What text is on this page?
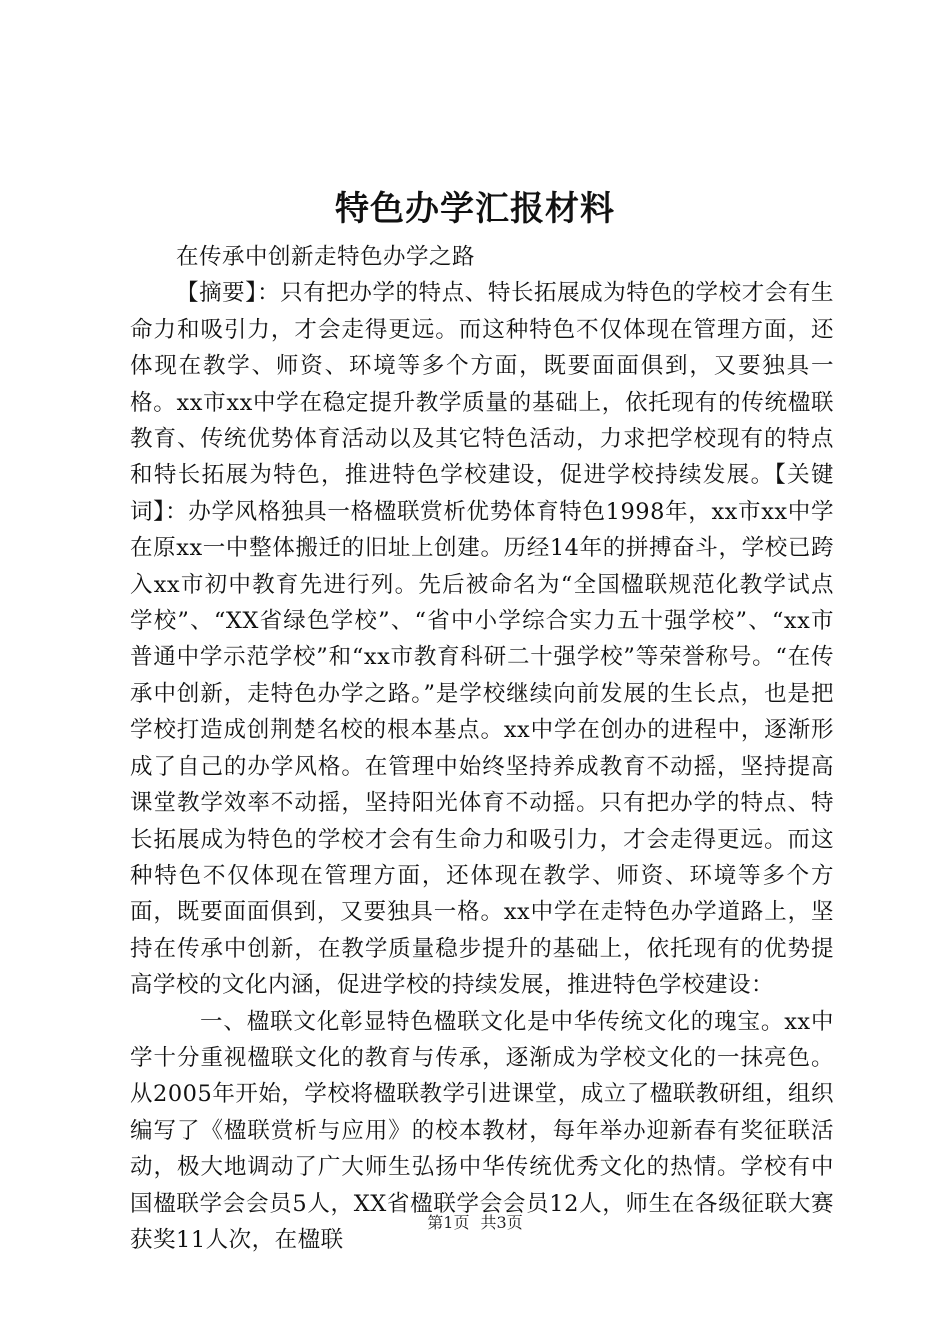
特色办学汇报材料

在传承中创新走特色办学之路

【摘要】：只有把办学的特点、特长拓展成为特色的学校才会有生命力和吸引力，才会走得更远。而这种特色不仅体现在管理方面，还体现在教学、师资、环境等多个方面，既要面面俱到，又要独具一格。xx市xx中学在稳定提升教学质量的基础上，依托现有的传统楹联教育、传统优势体育活动以及其它特色活动，力求把学校现有的特点和特长拓展为特色，推进特色学校建设，促进学校持续发展。【关键词】：办学风格独具一格楹联赏析优势体育特色1998年，xx市xx中学在原xx一中整体搬迁的旧址上创建。历经14年的拼搏奋斗，学校已跨入xx市初中教育先进行列。先后被命名为“全国楹联规范化教学试点学校”、“XX省绿色学校”、“省中小学综合实力五十强学校”、“xx市普通中学示范学校”和“xx市教育科研二十强学校”等荣誉称号。“在传承中创新，走特色办学之路。”是学校继续向前发展的生长点，也是把学校打造成创荆楚名校的根本基点。xx中学在创办的进程中，逐渐形成了自己的办学风格。在管理中始终坚持养成教育不动摇，坚持提高课堂教学效率不动摇，坚持阳光体育不动摇。只有把办学的特点、特长拓展成为特色的学校才会有生命力和吸引力，才会走得更远。而这种特色不仅体现在管理方面，还体现在教学、师资、环境等多个方面，既要面面俱到，又要独具一格。xx中学在走特色办学道路上，坚持在传承中创新，在教学质量稳步提升的基础上，依托现有的优势提高学校的文化内涵，促进学校的持续发展，推进特色学校建设：

一、楹联文化彰显特色楹联文化是中华传统文化的瑰宝。xx中学十分重视楹联文化的教育与传承，逐渐成为学校文化的一抹亮色。从2005年开始，学校将楹联教学引进课堂，成立了楹联教研组，组织编写了《楹联赏析与应用》的校本教材，每年举办迎新春有奖征联活动，极大地调动了广大师生弘扬中华传统优秀文化的热情。学校有中国楹联学会会员5人，XX省楹联学会会员12人，师生在各级征联大赛获奖11人次，在楹联

第1页 共3页
